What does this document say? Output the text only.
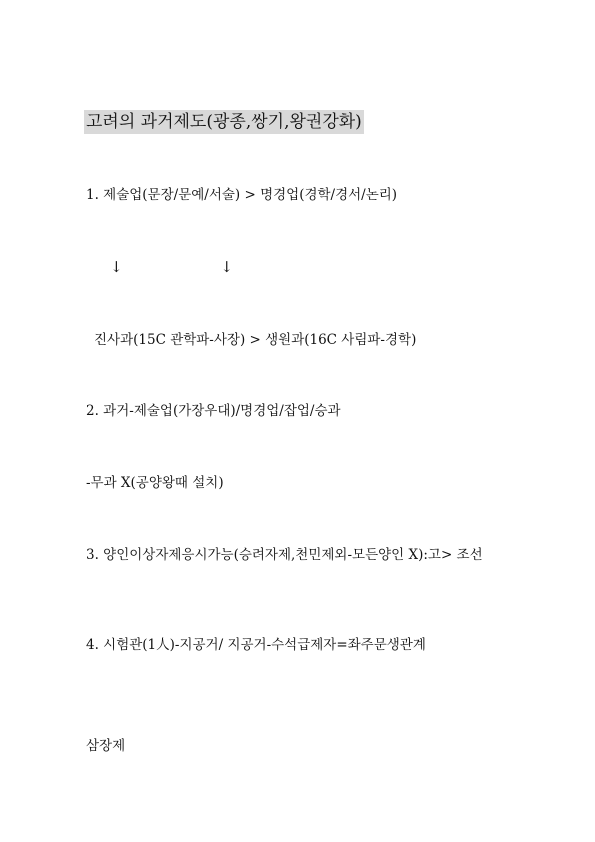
고려의 과거제도(광종,쌍기,왕권강화)
1. 제술업(문장/문예/서술) > 명경업(경학/경서/논리)
↓	↓
진사과(15C 관학파-사장) > 생원과(16C 사림파-경학)
2. 과거-제술업(가장우대)/명경업/잡업/승과
-무과 X(공양왕때 설치)
3. 양인이상자제응시가능(승려자제,천민제외-모든양인 X):고> 조선
4. 시험관(1人)-지공거/ 지공거-수석급제자=좌주문생관계
삼장제
